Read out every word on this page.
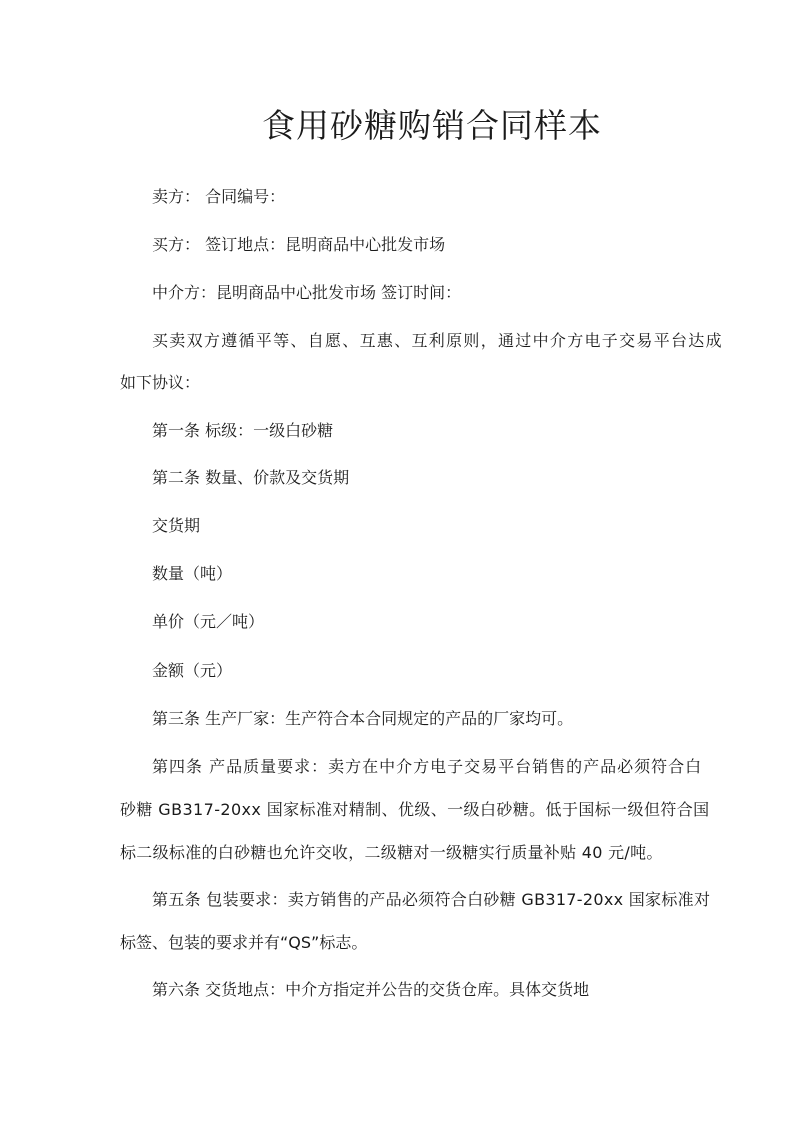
食用砂糖购销合同样本
卖方： 合同编号：
买方： 签订地点：昆明商品中心批发市场
中介方：昆明商品中心批发市场 签订时间：
买卖双方遵循平等、自愿、互惠、互利原则，通过中介方电子交易平台达成
如下协议：
第一条 标级：一级白砂糖
第二条 数量、价款及交货期
交货期
数量（吨）
单价（元／吨）
金额（元）
第三条 生产厂家：生产符合本合同规定的产品的厂家均可。
第四条 产品质量要求：卖方在中介方电子交易平台销售的产品必须符合白
砂糖 GB317-20xx 国家标准对精制、优级、一级白砂糖。低于国标一级但符合国
标二级标准的白砂糖也允许交收，二级糖对一级糖实行质量补贴 40 元/吨。
第五条 包装要求：卖方销售的产品必须符合白砂糖 GB317-20xx 国家标准对
标签、包装的要求并有“QS”标志。
第六条 交货地点：中介方指定并公告的交货仓库。具体交货地
